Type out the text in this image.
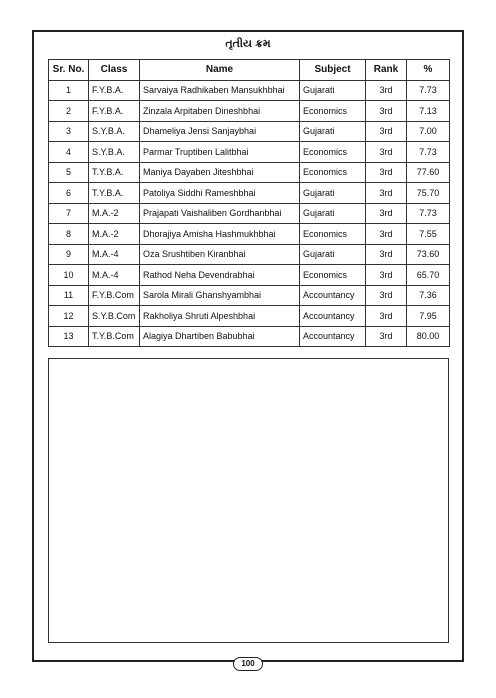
તૃતીય ક્રમ
Sr. No.	Class	Name	Subject	Rank	%
1	F.Y.B.A.	Sarvaiya Radhikaben Mansukhbhai	Gujarati	3rd	7.73
2	F.Y.B.A.	Zinzala Arpitaben Dineshbhai	Economics	3rd	7.13
3	S.Y.B.A.	Dhameliya Jensi Sanjaybhai	Gujarati	3rd	7.00
4	S.Y.B.A.	Parmar Truptiben Lalitbhai	Economics	3rd	7.73
5	T.Y.B.A.	Maniya Dayaben Jiteshbhai	Economics	3rd	77.60
6	T.Y.B.A.	Patoliya Siddhi Rameshbhai	Gujarati	3rd	75.70
7	M.A.-2	Prajapati Vaishaliben Gordhanbhai	Gujarati	3rd	7.73
8	M.A.-2	Dhorajiya Amisha Hashmukhbhai	Economics	3rd	7.55
9	M.A.-4	Oza Srushtiben Kiranbhai	Gujarati	3rd	73.60
10	M.A.-4	Rathod Neha Devendrabhai	Economics	3rd	65.70
11	F.Y.B.Com	Sarola Mirali Ghanshyambhai	Accountancy	3rd	7.36
12	S.Y.B.Com	Rakholiya Shruti Alpeshbhai	Accountancy	3rd	7.95
13	T.Y.B.Com	Alagiya Dhartiben Babubhai	Accountancy	3rd	80.00
100
